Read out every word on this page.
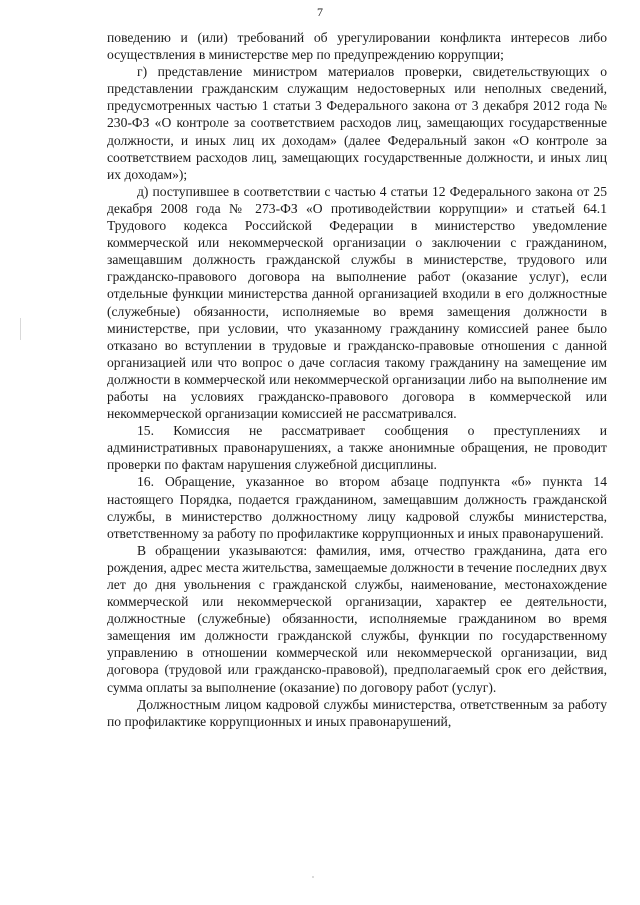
7

поведению и (или) требований об урегулировании конфликта интересов либо осуществления в министерстве мер по предупреждению коррупции;

г) представление министром материалов проверки, свидетельствующих о представлении гражданским служащим недостоверных или неполных сведений, предусмотренных частью 1 статьи 3 Федерального закона от 3 декабря 2012 года № 230-ФЗ «О контроле за соответствием расходов лиц, замещающих государственные должности, и иных лиц их доходам» (далее Федеральный закон «О контроле за соответствием расходов лиц, замещающих государственные должности, и иных лиц их доходам»);

д) поступившее в соответствии с частью 4 статьи 12 Федерального закона от 25 декабря 2008 года № 273-ФЗ «О противодействии коррупции» и статьей 64.1 Трудового кодекса Российской Федерации в министерство уведомление коммерческой или некоммерческой организации о заключении с гражданином, замещавшим должность гражданской службы в министерстве, трудового или гражданско-правового договора на выполнение работ (оказание услуг), если отдельные функции министерства данной организацией входили в его должностные (служебные) обязанности, исполняемые во время замещения должности в министерстве, при условии, что указанному гражданину комиссией ранее было отказано во вступлении в трудовые и гражданско-правовые отношения с данной организацией или что вопрос о даче согласия такому гражданину на замещение им должности в коммерческой или некоммерческой организации либо на выполнение им работы на условиях гражданско-правового договора в коммерческой или некоммерческой организации комиссией не рассматривался.

15. Комиссия не рассматривает сообщения о преступлениях и административных правонарушениях, а также анонимные обращения, не проводит проверки по фактам нарушения служебной дисциплины.

16. Обращение, указанное во втором абзаце подпункта «б» пункта 14 настоящего Порядка, подается гражданином, замещавшим должность гражданской службы, в министерство должностному лицу кадровой службы министерства, ответственному за работу по профилактике коррупционных и иных правонарушений.

В обращении указываются: фамилия, имя, отчество гражданина, дата его рождения, адрес места жительства, замещаемые должности в течение последних двух лет до дня увольнения с гражданской службы, наименование, местонахождение коммерческой или некоммерческой организации, характер ее деятельности, должностные (служебные) обязанности, исполняемые гражданином во время замещения им должности гражданской службы, функции по государственному управлению в отношении коммерческой или некоммерческой организации, вид договора (трудовой или гражданско-правовой), предполагаемый срок его действия, сумма оплаты за выполнение (оказание) по договору работ (услуг).

Должностным лицом кадровой службы министерства, ответственным за работу по профилактике коррупционных и иных правонарушений,
